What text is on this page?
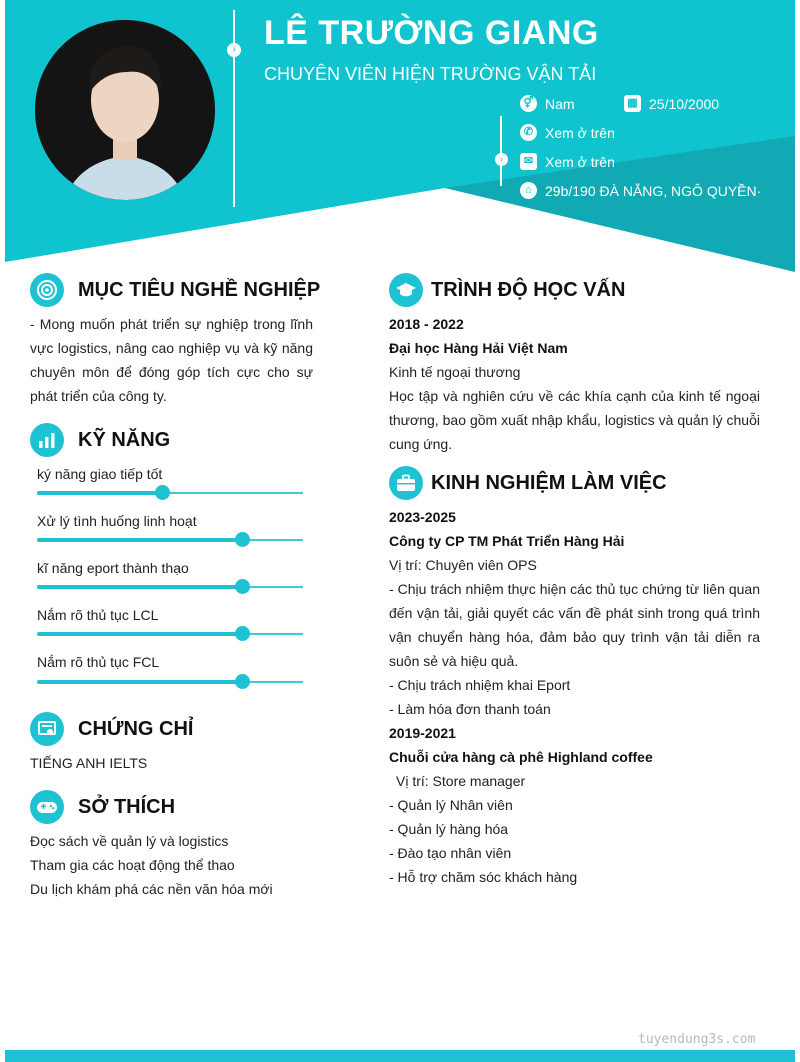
› LÊ TRƯỜNG GIANG
CHUYÊN VIÊN HIỆN TRƯỜNG VẬN TẢI
›
⚥ Nam	▦ 25/10/2000
✆ Xem ở trên
✉ Xem ở trên
⌂ 29b/190 ĐÀ NẴNG, NGÔ QUYỀN·
MỤC TIÊU NGHỀ NGHIỆP
- Mong muốn phát triển sự nghiệp trong lĩnh vực logistics, nâng cao nghiệp vụ và kỹ năng chuyên môn để đóng góp tích cực cho sự phát triển của công ty.
KỸ NĂNG
ký năng giao tiếp tốt
Xử lý tình huống linh hoạt
kĩ năng eport thành thạo
Nắm rõ thủ tục LCL
Nắm rõ thủ tục FCL
CHỨNG CHỈ
TIẾNG ANH IELTS
SỞ THÍCH
Đọc sách về quản lý và logistics
Tham gia các hoạt động thể thao
Du lịch khám phá các nền văn hóa mới
TRÌNH ĐỘ HỌC VẤN
2018 - 2022
Đại học Hàng Hải Việt Nam
Kinh tế ngoại thương
Học tập và nghiên cứu về các khía cạnh của kinh tế ngoại thương, bao gồm xuất nhập khẩu, logistics và quản lý chuỗi cung ứng.
KINH NGHIỆM LÀM VIỆC
2023-2025
Công ty CP TM Phát Triển Hàng Hải
Vị trí: Chuyên viên OPS
- Chịu trách nhiệm thực hiện các thủ tục chứng từ liên quan đến vận tải, giải quyết các vấn đề phát sinh trong quá trình vận chuyển hàng hóa, đảm bảo quy trình vận tải diễn ra suôn sẻ và hiệu quả.
- Chịu trách nhiệm khai Eport
- Làm hóa đơn thanh toán
2019-2021
Chuỗi cửa hàng cà phê Highland coffee
Vị trí: Store manager
- Quản lý Nhân viên
- Quản lý hàng hóa
- Đào tạo nhân viên
- Hỗ trợ chăm sóc khách hàng
tuyendung3s.com
